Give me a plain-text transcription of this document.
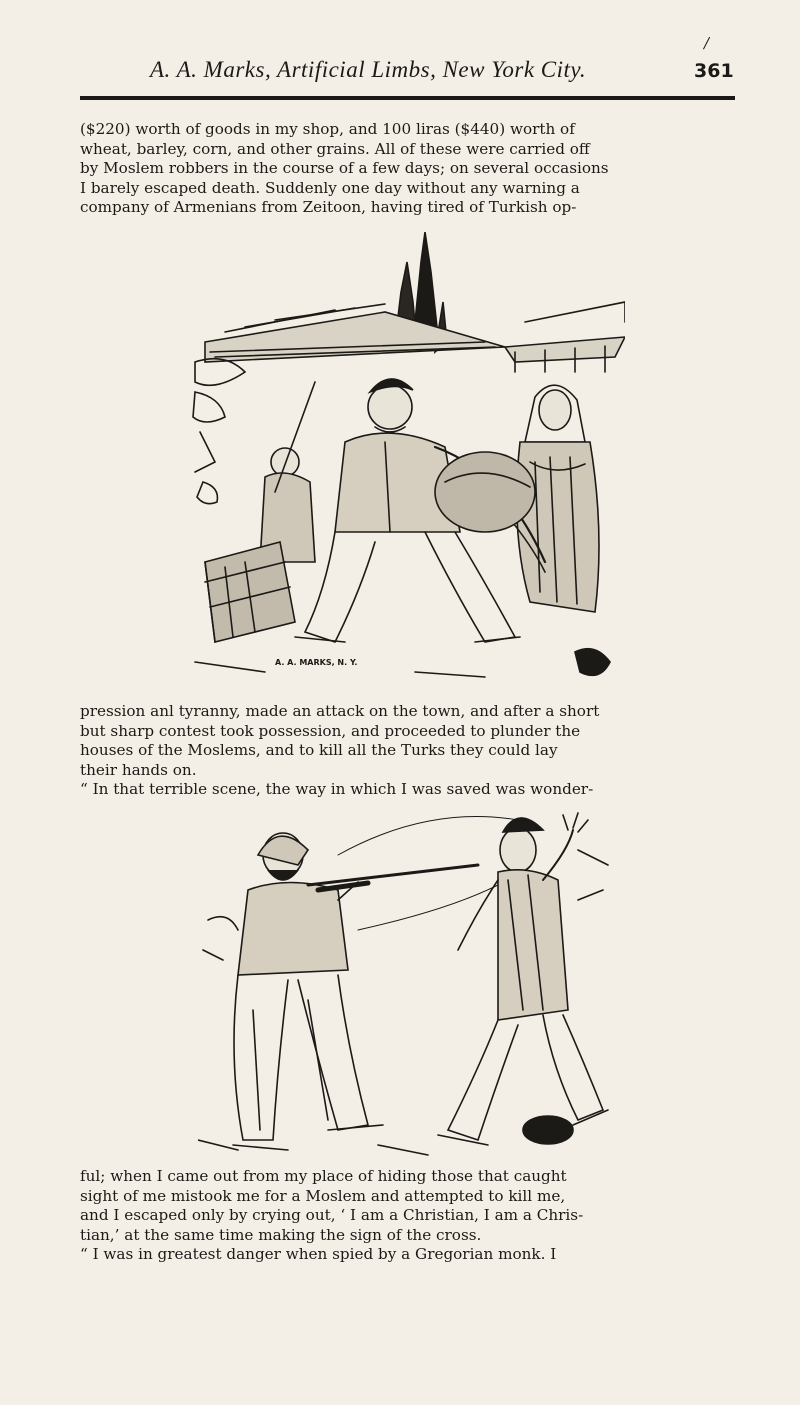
/
A. A. Marks, Artificial Limbs, New York City.	361

($220) worth of goods in my shop, and 100 liras ($440) worth of

wheat, barley, corn, and other grains. All of these were carried off

by Moslem robbers in the course of a few days; on several occasions

I barely escaped death. Suddenly one day without any warning a

company of Armenians from Zeitoon, having tired of Turkish op-

A. A. MARKS, N. Y.

pression anl tyranny, made an attack on the town, and after a short

but sharp contest took possession, and proceeded to plunder the

houses of the Moslems, and to kill all the Turks they could lay

their hands on.

“ In that terrible scene, the way in which I was saved was wonder-

ful; when I came out from my place of hiding those that caught

sight of me mistook me for a Moslem and attempted to kill me,

and I escaped only by crying out, ‘ I am a Christian, I am a Chris-

tian,’ at the same time making the sign of the cross.

“ I was in greatest danger when spied by a Gregorian monk. I
